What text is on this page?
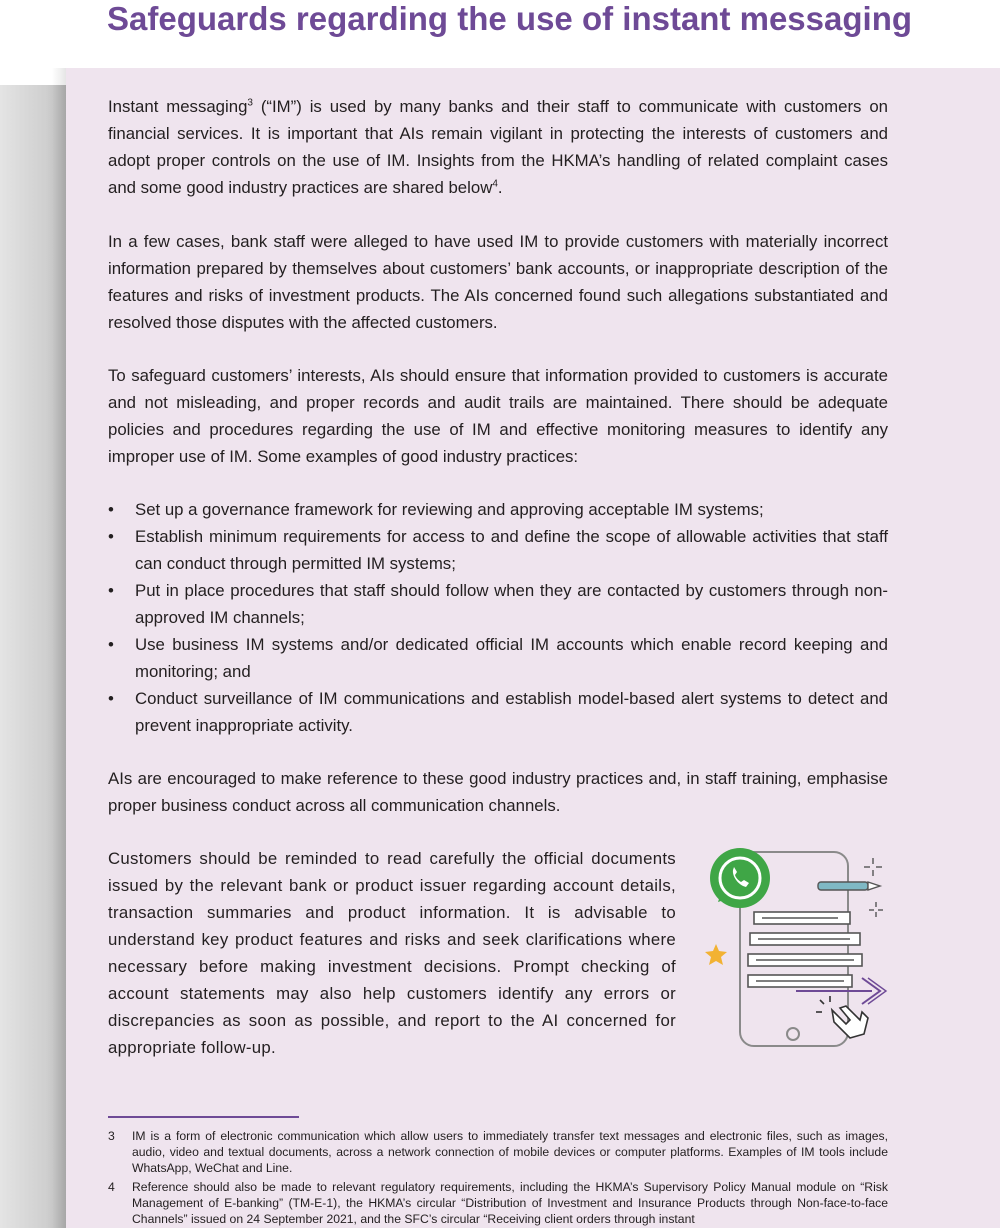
Safeguards regarding the use of instant messaging

Instant messaging$^3$ (“IM”) is used by many banks and their staff to communicate with customers on financial services. It is important that AIs remain vigilant in protecting the interests of customers and adopt proper controls on the use of IM. Insights from the HKMA’s handling of related complaint cases and some good industry practices are shared below$^4$.

In a few cases, bank staff were alleged to have used IM to provide customers with materially incorrect information prepared by themselves about customers’ bank accounts, or inappropriate description of the features and risks of investment products. The AIs concerned found such allegations substantiated and resolved those disputes with the affected customers.

To safeguard customers’ interests, AIs should ensure that information provided to customers is accurate and not misleading, and proper records and audit trails are maintained. There should be adequate policies and procedures regarding the use of IM and effective monitoring measures to identify any improper use of IM. Some examples of good industry practices:

•	Set up a governance framework for reviewing and approving acceptable IM systems;
•	Establish minimum requirements for access to and define the scope of allowable activities that staff can conduct through permitted IM systems;
•	Put in place procedures that staff should follow when they are contacted by customers through non-approved IM channels;
•	Use business IM systems and/or dedicated official IM accounts which enable record keeping and monitoring; and
•	Conduct surveillance of IM communications and establish model-based alert systems to detect and prevent inappropriate activity.

AIs are encouraged to make reference to these good industry practices and, in staff training, emphasise proper business conduct across all communication channels.

Customers should be reminded to read carefully the official documents issued by the relevant bank or product issuer regarding account details, transaction summaries and product information. It is advisable to understand key product features and risks and seek clarifications where necessary before making investment decisions. Prompt checking of account statements may also help customers identify any errors or discrepancies as soon as possible, and report to the AI concerned for appropriate follow-up.

3 IM is a form of electronic communication which allow users to immediately transfer text messages and electronic files, such as images, audio, video and textual documents, across a network connection of mobile devices or computer platforms. Examples of IM tools include WhatsApp, WeChat and Line.
4 Reference should also be made to relevant regulatory requirements, including the HKMA’s Supervisory Policy Manual module on “Risk Management of E-banking” (TM-E-1), the HKMA’s circular “Distribution of Investment and Insurance Products through Non-face-to-face Channels” issued on 24 September 2021, and the SFC’s circular “Receiving client orders through instant
